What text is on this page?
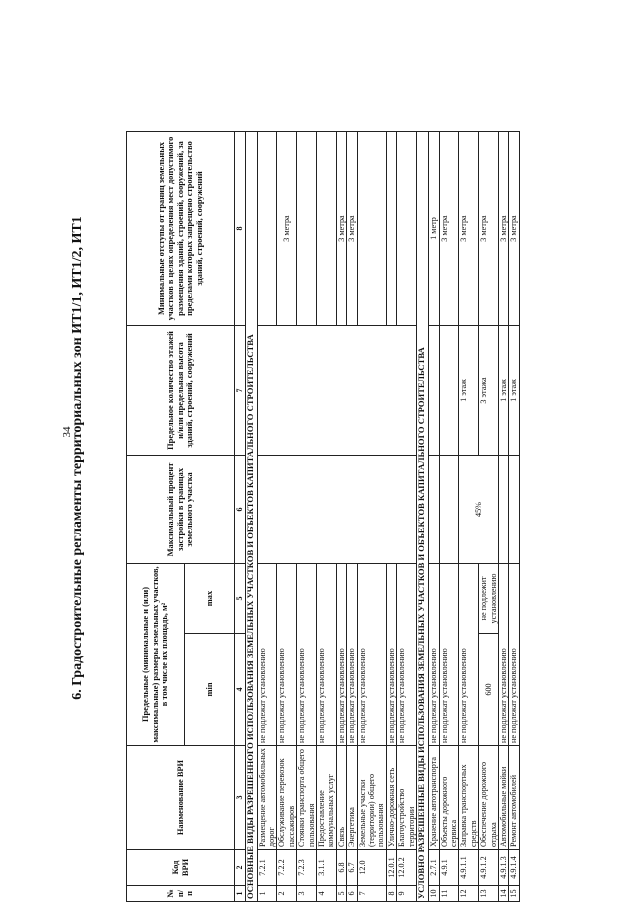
34
6. Градостроительные регламенты территориальных зон ИТ1/1, ИТ1/2, ИТ1
№ п/п	Код ВРИ	Наименование ВРИ	Предельные (минимальные и (или) максимальные) размеры земельных участков, в том числе их площадь, м²		Максимальный процент застройки в границах земельного участка	Предельное количество этажей и/или предельная высота зданий, строений, сооружений	Минимальные отступы от границ земельных участков в целях определения мест допустимого размещения зданий, строений, сооружений, за пределами которых запрещено строительство зданий, строений, сооружений
			min	max			
1	2	3	4	5	6	7	8
ОСНОВНЫЕ ВИДЫ РАЗРЕШЕННОГО ИСПОЛЬЗОВАНИЯ ЗЕМЕЛЬНЫХ УЧАСТКОВ И ОБЪЕКТОВ КАПИТАЛЬНОГО СТРОИТЕЛЬСТВА							
1	7.2.1	Размещение автомобильных дорог	не подлежат установлению				
2	7.2.2	Обслуживание перевозок пассажиров	не подлежат установлению				3 метра
3	7.2.3	Стоянки транспорта общего пользования	не подлежат установлению				
4	3.1.1	Предоставление коммунальных услуг	не подлежат установлению				
5	6.8	Связь	не подлежат установлению				3 метра
6	6.7	Энергетика	не подлежат установлению				3 метра
7	12.0	Земельные участки (территории) общего пользования	не подлежат установлению				
8	12.0.1	Улично-дорожная сеть	не подлежат установлению				
9	12.0.2	Благоустройство территории	не подлежат установлению				
УСЛОВНО РАЗРЕШЕННЫЕ ВИДЫ ИСПОЛЬЗОВАНИЯ ЗЕМЕЛЬНЫХ УЧАСТКОВ И ОБЪЕКТОВ КАПИТАЛЬНОГО СТРОИТЕЛЬСТВА							
10	2.7.1	Хранение автотранспорта	не подлежат установлению				1 метр
11	4.9.1	Объекты дорожного сервиса	не подлежат установлению				3 метра
12	4.9.1.1	Заправка транспортных средств	не подлежат установлению		45%	1 этаж	3 метра
13	4.9.1.2	Обеспечение дорожного отдыха	600	не подлежит установлению		3 этажа	3 метра
14	4.9.1.3	Автомобильные мойки	не подлежат установлению			1 этаж	3 метра
15	4.9.1.4	Ремонт автомобилей	не подлежат установлению			1 этаж	3 метра
